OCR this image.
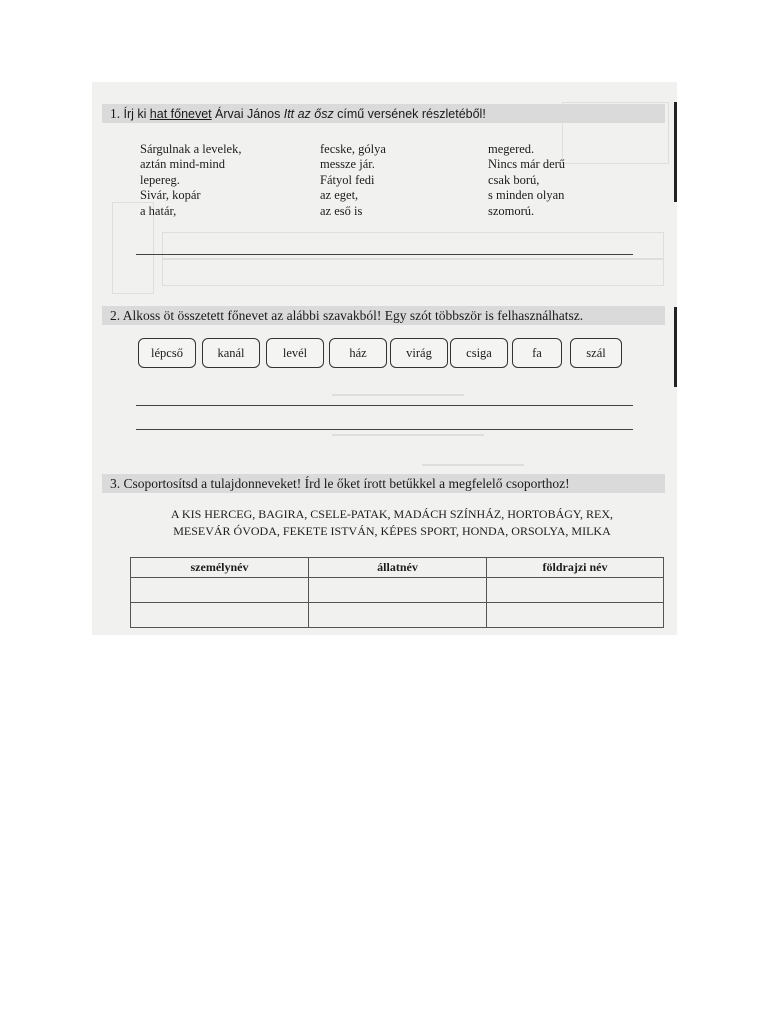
1. Írj ki hat főnevet Árvai János Itt az ősz című versének részletéből!
Sárgulnak a levelek,
aztán mind-mind
lepereg.
Sivár, kopár
a határ,
fecske, gólya
messze jár.
Fátyol fedi
az eget,
az eső is
megered.
Nincs már derű
csak ború,
s minden olyan
szomorú.
2. Alkoss öt összetett főnevet az alábbi szavakból! Egy szót többször is felhasználhatsz.
lépcső	kanál	levél	ház	virág	csiga	fa	szál
3. Csoportosítsd a tulajdonneveket! Írd le őket írott betűkkel a megfelelő csoporthoz!
A KIS HERCEG, BAGIRA, CSELE-PATAK, MADÁCH SZÍNHÁZ, HORTOBÁGY, REX,
MESEVÁR ÓVODA, FEKETE ISTVÁN, KÉPES SPORT, HONDA, ORSOLYA, MILKA
személynév	állatnév	földrajzi név
